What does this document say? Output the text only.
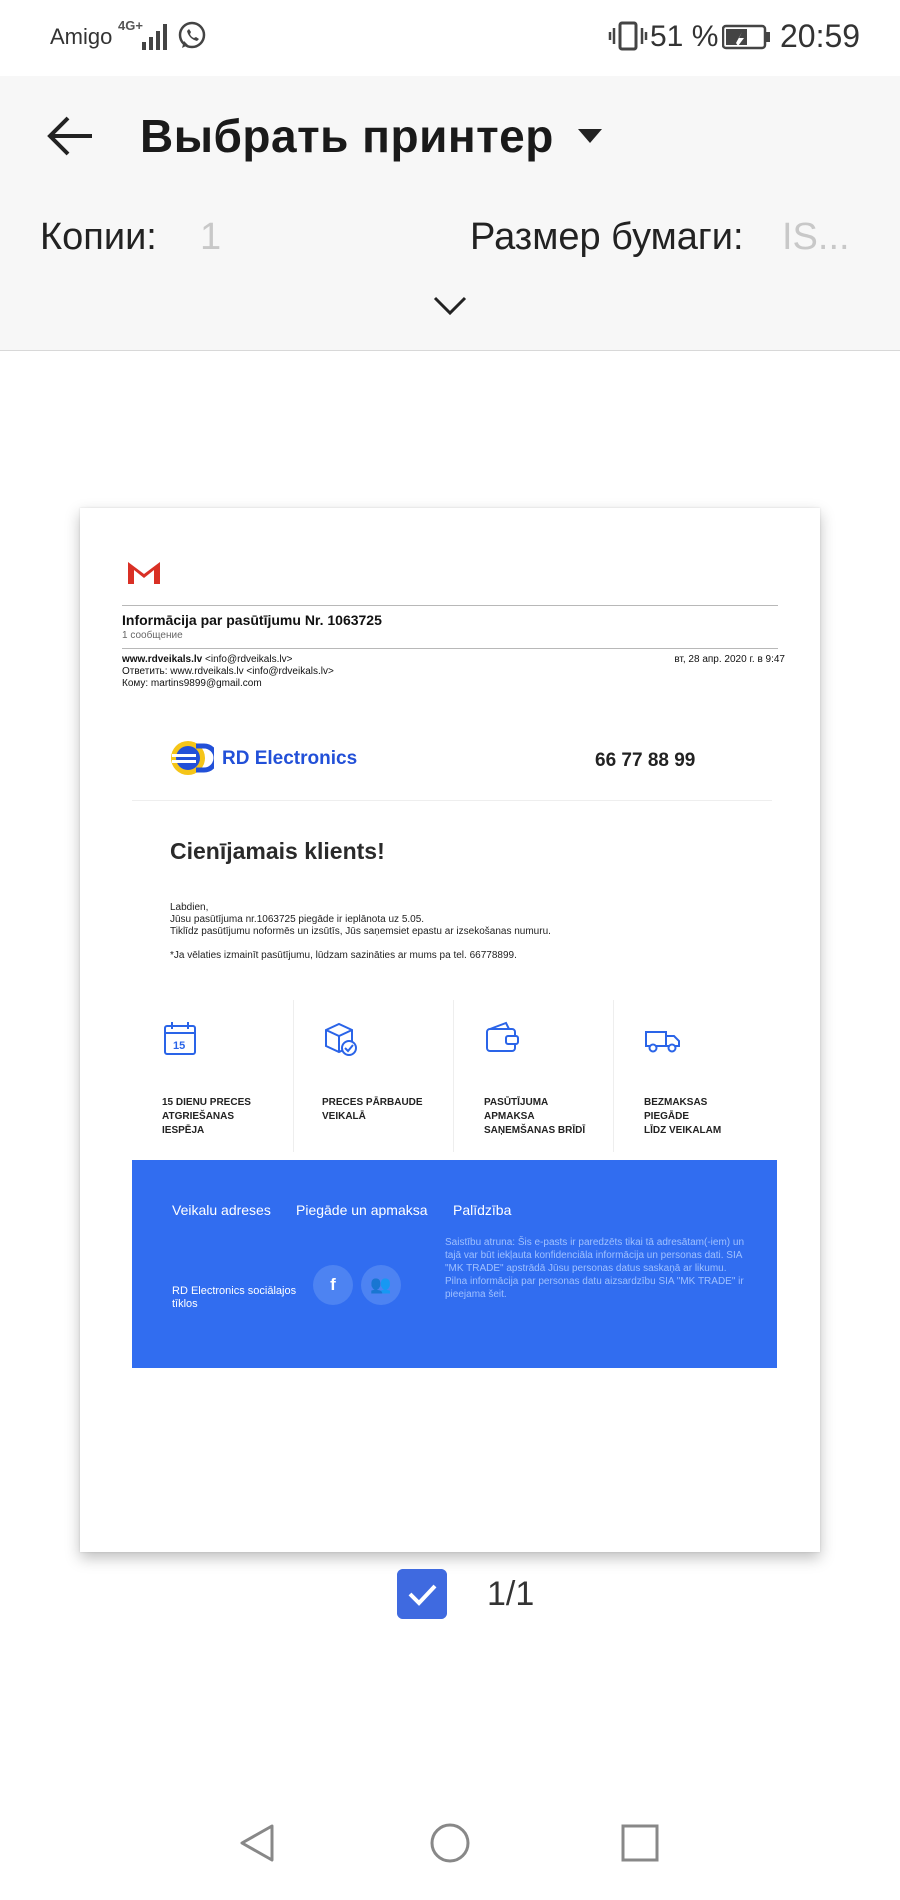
Amigo 4G+	51 % 20:59
Выбрать принтер
Копии: 1	Размер бумаги: IS...
Informācija par pasūtījumu Nr. 1063725
1 сообщение
www.rdveikals.lv <info@rdveikals.lv>	вт, 28 апр. 2020 г. в 9:47
Ответить: www.rdveikals.lv <info@rdveikals.lv>
Кому: martins9899@gmail.com
RD Electronics	66 77 88 99
Cienījamais klients!
Labdien,
Jūsu pasūtījuma nr.1063725 piegāde ir ieplānota uz 5.05.
Tiklīdz pasūtījumu noformēs un izsūtīs, Jūs saņemsiet epastu ar izsekošanas numuru.
*Ja vēlaties izmainīt pasūtījumu, lūdzam sazināties ar mums pa tel. 66778899.
15
15 DIENU PRECES
ATGRIEŠANAS
IESPĒJA
PRECES PĀRBAUDE
VEIKALĀ
PASŪTĪJUMA
APMAKSA
SAŅEMŠANAS BRĪDĪ
BEZMAKSAS
PIEGĀDE
LĪDZ VEIKALAM
Veikalu adreses Piegāde un apmaksa Palīdzība
RD Electronics sociālajos tīklos
f	👥
Saistību atruna: Šis e-pasts ir paredzēts tikai tā adresātam(-iem) un tajā var būt iekļauta konfidenciāla informācija un personas dati. SIA "MK TRADE" apstrādā Jūsu personas datus saskaņā ar likumu. Pilna informācija par personas datu aizsardzību SIA "MK TRADE" ir pieejama šeit.
1/1
